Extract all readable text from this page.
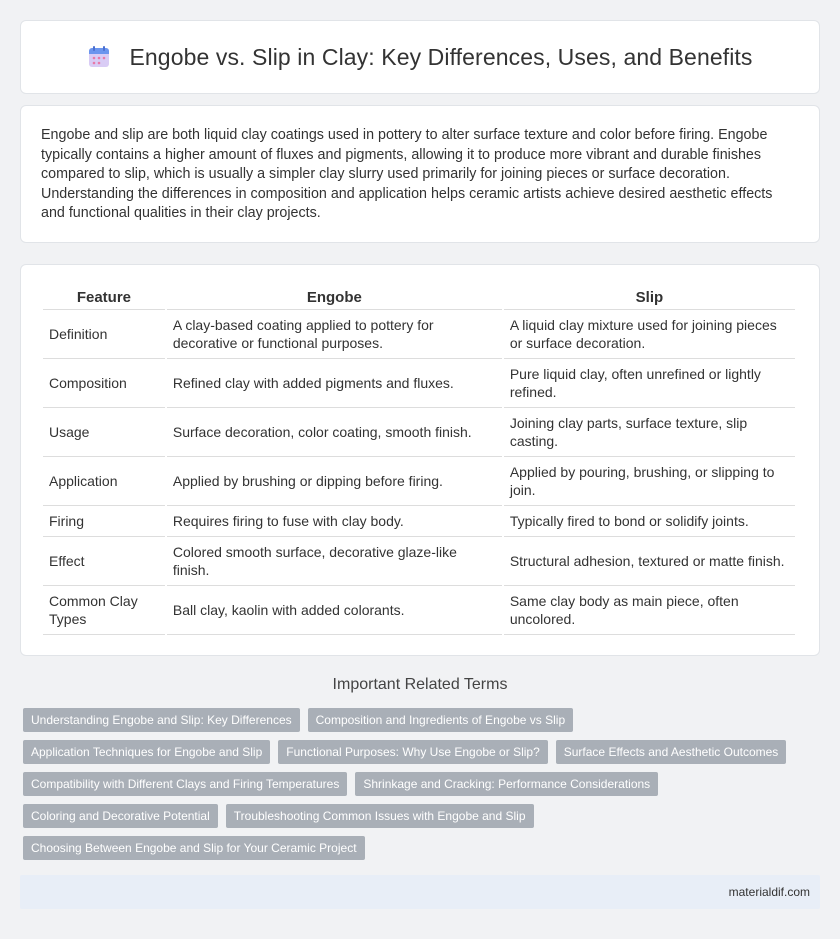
Engobe vs. Slip in Clay: Key Differences, Uses, and Benefits

Engobe and slip are both liquid clay coatings used in pottery to alter surface texture and color before firing. Engobe typically contains a higher amount of fluxes and pigments, allowing it to produce more vibrant and durable finishes compared to slip, which is usually a simpler clay slurry used primarily for joining pieces or surface decoration. Understanding the differences in composition and application helps ceramic artists achieve desired aesthetic effects and functional qualities in their clay projects.

Feature	Engobe	Slip
Definition	A clay-based coating applied to pottery for decorative or functional purposes.	A liquid clay mixture used for joining pieces or surface decoration.
Composition	Refined clay with added pigments and fluxes.	Pure liquid clay, often unrefined or lightly refined.
Usage	Surface decoration, color coating, smooth finish.	Joining clay parts, surface texture, slip casting.
Application	Applied by brushing or dipping before firing.	Applied by pouring, brushing, or slipping to join.
Firing	Requires firing to fuse with clay body.	Typically fired to bond or solidify joints.
Effect	Colored smooth surface, decorative glaze-like finish.	Structural adhesion, textured or matte finish.
Common Clay Types	Ball clay, kaolin with added colorants.	Same clay body as main piece, often uncolored.
Important Related Terms
Understanding Engobe and Slip: Key Differences	Composition and Ingredients of Engobe vs Slip
Application Techniques for Engobe and Slip	Functional Purposes: Why Use Engobe or Slip?	Surface Effects and Aesthetic Outcomes
Compatibility with Different Clays and Firing Temperatures	Shrinkage and Cracking: Performance Considerations
Coloring and Decorative Potential	Troubleshooting Common Issues with Engobe and Slip
Choosing Between Engobe and Slip for Your Ceramic Project
materialdif.com
